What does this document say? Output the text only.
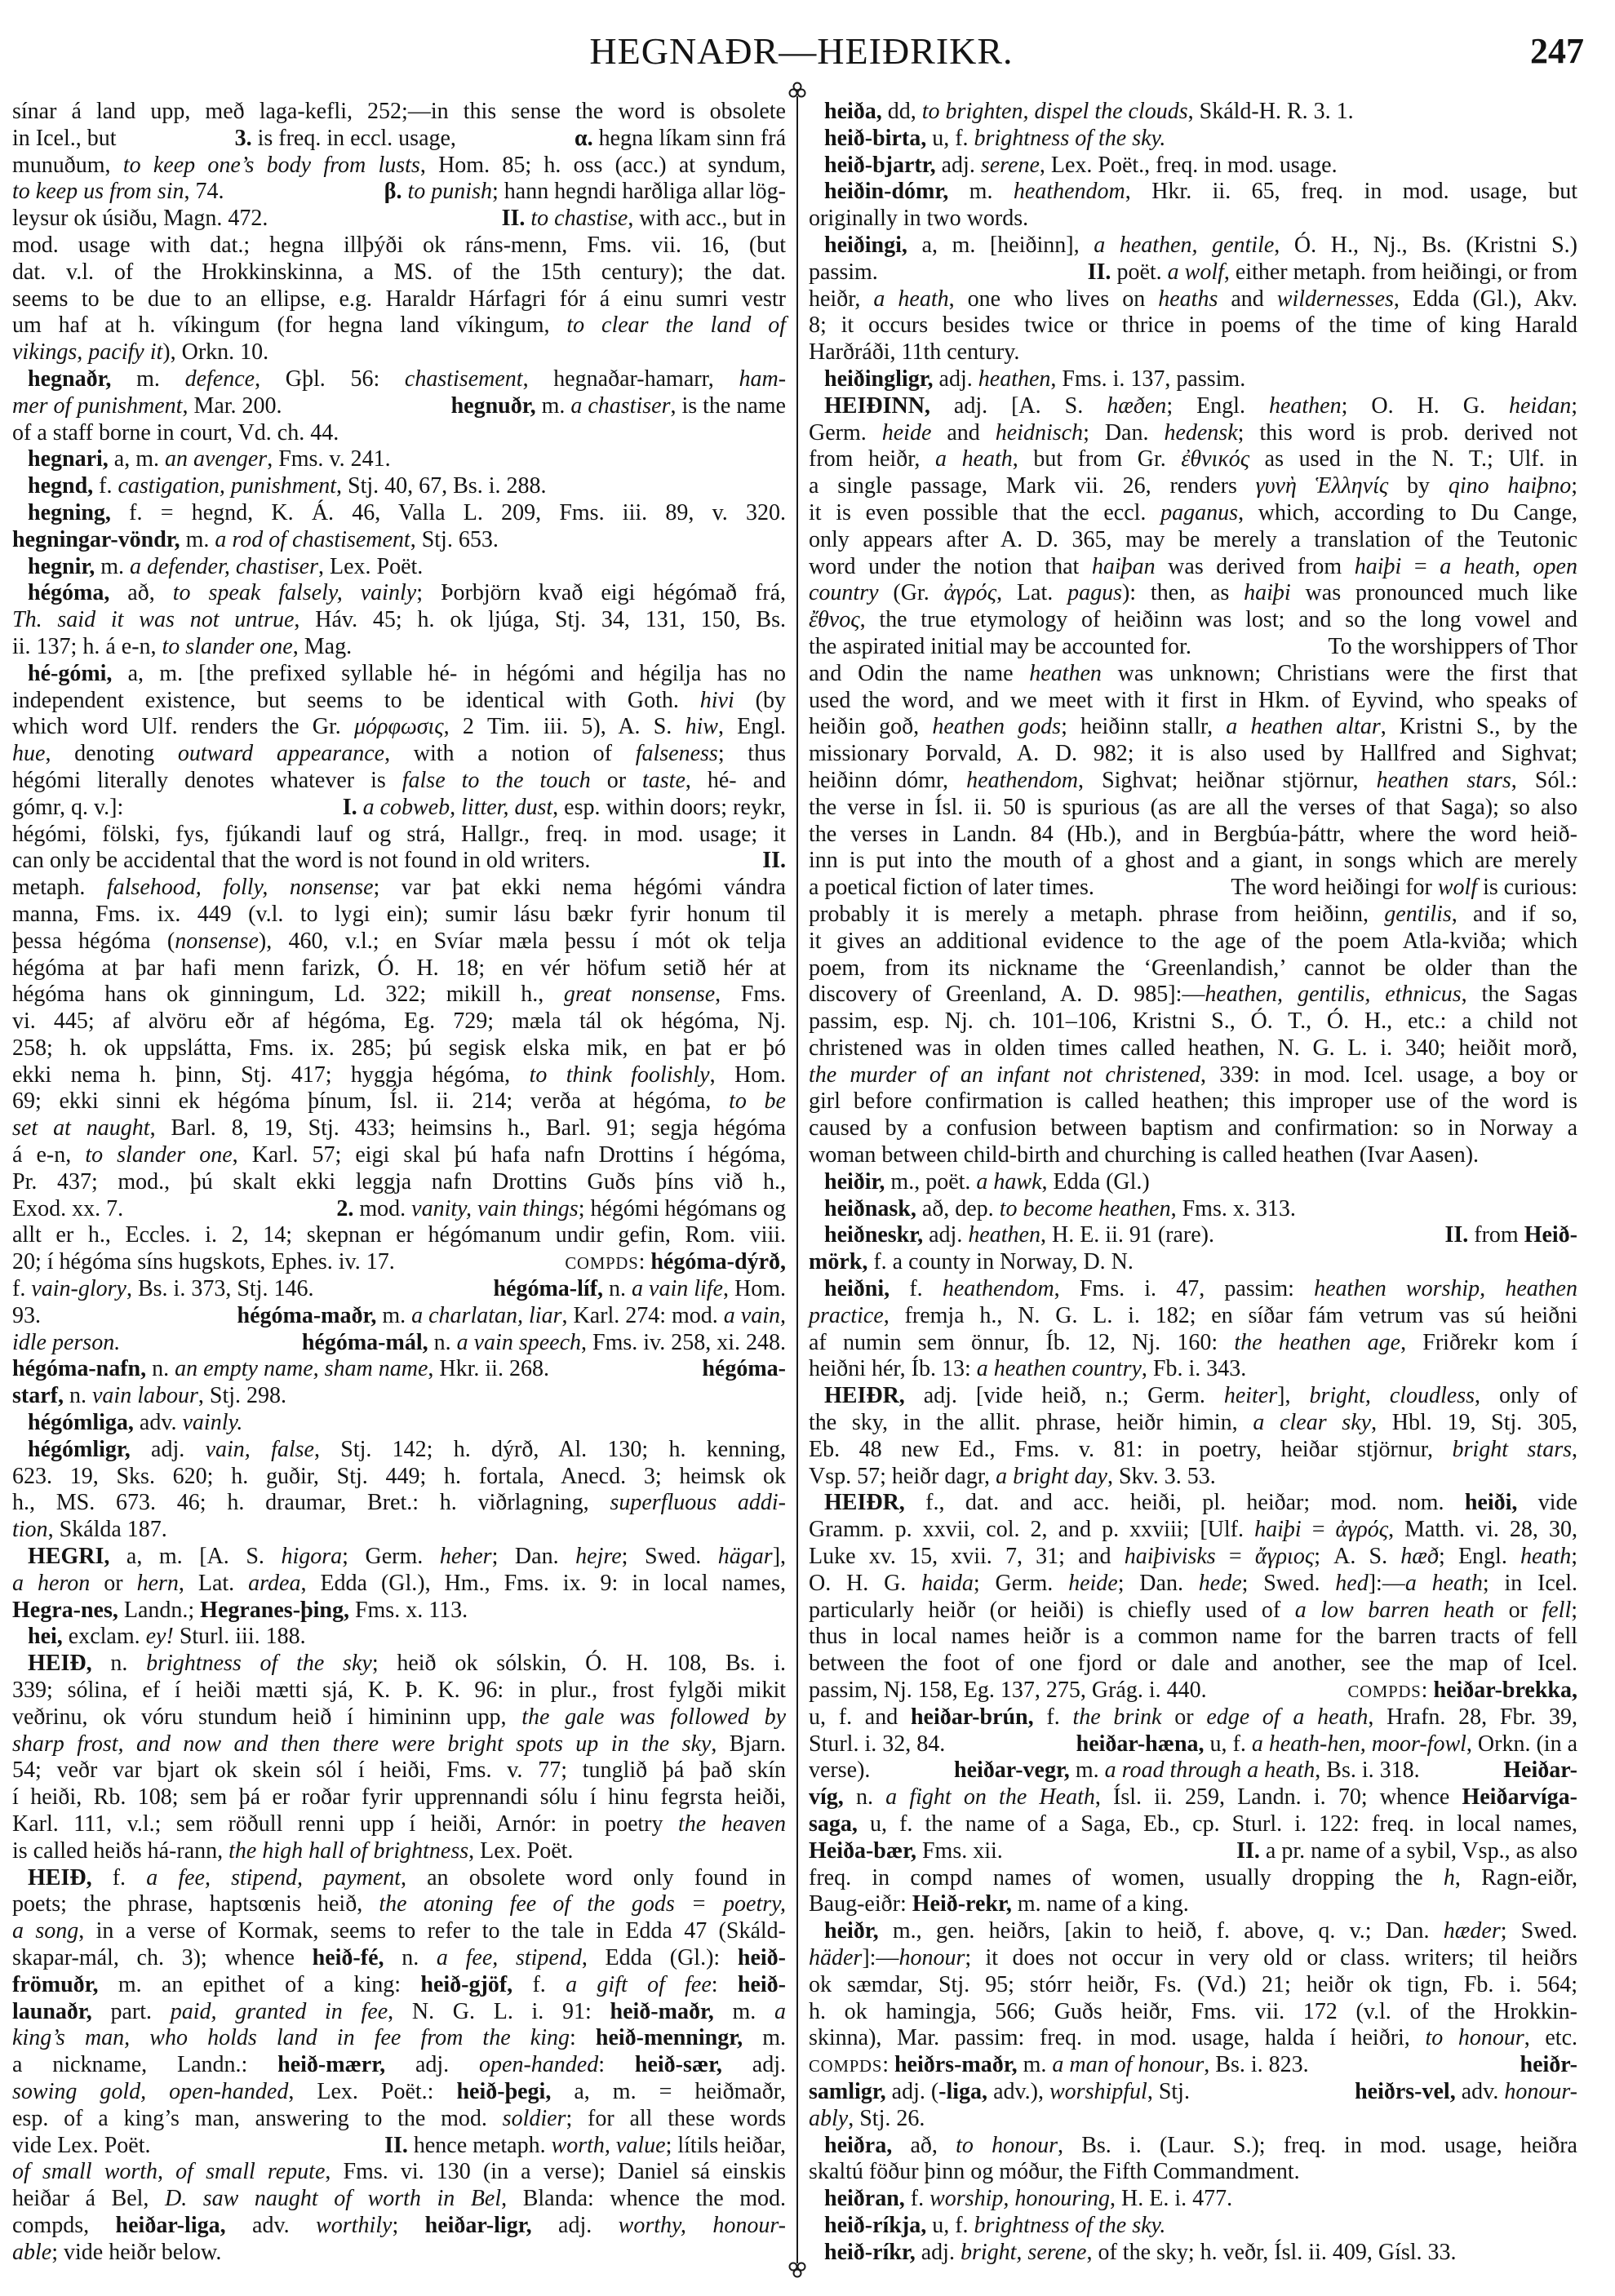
HEGNAÐR—HEIÐRIKR.	247
sínar á land upp, með laga-kefli, 252;—in this sense the word is obsolete
in Icel., but 	3. is freq. in eccl. usage, 	α. hegna líkam sinn frá
munuðum, to keep one’s body from lusts, Hom. 85; h. oss (acc.) at syndum,
to keep us from sin, 74. 	β. to punish; hann hegndi harðliga allar lög-
leysur ok úsiðu, Magn. 472. 	II. to chastise, with acc., but in
mod. usage with dat.; hegna illþýði ok ráns-menn, Fms. vii. 16, (but
dat. v.l. of the Hrokkinskinna, a MS. of the 15th century); the dat.
seems to be due to an ellipse, e.g. Haraldr Hárfagri fór á einu sumri vestr
um haf at h. víkingum (for hegna land víkingum, to clear the land of
vikings, pacify it), Orkn. 10.
hegnaðr, m. defence, Gþl. 56: chastisement, hegnaðar-hamarr, ham-
mer of punishment, Mar. 200. 	hegnuðr, m. a chastiser, is the name
of a staff borne in court, Vd. ch. 44.
hegnari, a, m. an avenger, Fms. v. 241.
hegnd, f. castigation, punishment, Stj. 40, 67, Bs. i. 288.
hegning, f. = hegnd, K. Á. 46, Valla L. 209, Fms. iii. 89, v. 320.
hegningar-vöndr, m. a rod of chastisement, Stj. 653.
hegnir, m. a defender, chastiser, Lex. Poët.
hégóma, að, to speak falsely, vainly; Þorbjörn kvað eigi hégómað frá,
Th. said it was not untrue, Háv. 45; h. ok ljúga, Stj. 34, 131, 150, Bs.
ii. 137; h. á e-n, to slander one, Mag.
hé-gómi, a, m. [the prefixed syllable hé- in hégómi and hégilja has no
independent existence, but seems to be identical with Goth. hivi (by
which word Ulf. renders the Gr. μόρφωσις, 2 Tim. iii. 5), A. S. hiw, Engl.
hue, denoting outward appearance, with a notion of falseness; thus
hégómi literally denotes whatever is false to the touch or taste, hé- and
gómr, q. v.]: 	I. a cobweb, litter, dust, esp. within doors; reykr,
hégómi, fölski, fys, fjúkandi lauf og strá, Hallgr., freq. in mod. usage; it
can only be accidental that the word is not found in old writers. 	II.
metaph. falsehood, folly, nonsense; var þat ekki nema hégómi vándra
manna, Fms. ix. 449 (v.l. to lygi ein); sumir lásu bækr fyrir honum til
þessa hégóma (nonsense), 460, v.l.; en Svíar mæla þessu í mót ok telja
hégóma at þar hafi menn farizk, Ó. H. 18; en vér höfum setið hér at
hégóma hans ok ginningum, Ld. 322; mikill h., great nonsense, Fms.
vi. 445; af alvöru eðr af hégóma, Eg. 729; mæla tál ok hégóma, Nj.
258; h. ok uppslátta, Fms. ix. 285; þú segisk elska mik, en þat er þó
ekki nema h. þinn, Stj. 417; hyggja hégóma, to think foolishly, Hom.
69; ekki sinni ek hégóma þínum, Ísl. ii. 214; verða at hégóma, to be
set at naught, Barl. 8, 19, Stj. 433; heimsins h., Barl. 91; segja hégóma
á e-n, to slander one, Karl. 57; eigi skal þú hafa nafn Drottins í hégóma,
Pr. 437; mod., þú skalt ekki leggja nafn Drottins Guðs þíns við h.,
Exod. xx. 7. 	2. mod. vanity, vain things; hégómi hégómans og
allt er h., Eccles. i. 2, 14; skepnan er hégómanum undir gefin, Rom. viii.
20; í hégóma síns hugskots, Ephes. iv. 17. 	COMPDS: hégóma-dýrð,
f. vain-glory, Bs. i. 373, Stj. 146. 	hégóma-líf, n. a vain life, Hom.
93. 	hégóma-maðr, m. a charlatan, liar, Karl. 274: mod. a vain,
idle person. 	hégóma-mál, n. a vain speech, Fms. iv. 258, xi. 248.
hégóma-nafn, n. an empty name, sham name, Hkr. ii. 268. 	hégóma-
starf, n. vain labour, Stj. 298.
hégómliga, adv. vainly.
hégómligr, adj. vain, false, Stj. 142; h. dýrð, Al. 130; h. kenning,
623. 19, Sks. 620; h. guðir, Stj. 449; h. fortala, Anecd. 3; heimsk ok
h., MS. 673. 46; h. draumar, Bret.: h. viðrlagning, superfluous addi-
tion, Skálda 187.
HEGRI, a, m. [A. S. higora; Germ. heher; Dan. hejre; Swed. hägar],
a heron or hern, Lat. ardea, Edda (Gl.), Hm., Fms. ix. 9: in local names,
Hegra-nes, Landn.; Hegranes-þing, Fms. x. 113.
hei, exclam. ey! Sturl. iii. 188.
HEIÐ, n. brightness of the sky; heið ok sólskin, Ó. H. 108, Bs. i.
339; sólina, ef í heiði mætti sjá, K. Þ. K. 96: in plur., frost fylgði mikit
veðrinu, ok vóru stundum heið í himininn upp, the gale was followed by
sharp frost, and now and then there were bright spots up in the sky, Bjarn.
54; veðr var bjart ok skein sól í heiði, Fms. v. 77; tunglið þá það skín
í heiði, Rb. 108; sem þá er roðar fyrir upprennandi sólu í hinu fegrsta heiði,
Karl. 111, v.l.; sem röðull renni upp í heiði, Arnór: in poetry the heaven
is called heiðs há-rann, the high hall of brightness, Lex. Poët.
HEIÐ, f. a fee, stipend, payment, an obsolete word only found in
poets; the phrase, haptsœnis heið, the atoning fee of the gods = poetry,
a song, in a verse of Kormak, seems to refer to the tale in Edda 47 (Skáld-
skapar-mál, ch. 3); whence heið-fé, n. a fee, stipend, Edda (Gl.): heið-
frömuðr, m. an epithet of a king: heið-gjöf, f. a gift of fee: heið-
launaðr, part. paid, granted in fee, N. G. L. i. 91: heið-maðr, m. a
king’s man, who holds land in fee from the king: heið-menningr, m.
a nickname, Landn.: heið-mærr, adj. open-handed: heið-sær, adj.
sowing gold, open-handed, Lex. Poët.: heið-þegi, a, m. = heiðmaðr,
esp. of a king’s man, answering to the mod. soldier; for all these words
vide Lex. Poët. 	II. hence metaph. worth, value; lítils heiðar,
of small worth, of small repute, Fms. vi. 130 (in a verse); Daniel sá einskis
heiðar á Bel, D. saw naught of worth in Bel, Blanda: whence the mod.
compds, heiðar-liga, adv. worthily; heiðar-ligr, adj. worthy, honour-
able; vide heiðr below.
heiða, dd, to brighten, dispel the clouds, Skáld-H. R. 3. 1.
heið-birta, u, f. brightness of the sky.
heið-bjartr, adj. serene, Lex. Poët., freq. in mod. usage.
heiðin-dómr, m. heathendom, Hkr. ii. 65, freq. in mod. usage, but
originally in two words.
heiðingi, a, m. [heiðinn], a heathen, gentile, Ó. H., Nj., Bs. (Kristni S.)
passim. 	II. poët. a wolf, either metaph. from heiðingi, or from
heiðr, a heath, one who lives on heaths and wildernesses, Edda (Gl.), Akv.
8; it occurs besides twice or thrice in poems of the time of king Harald
Harðráði, 11th century.
heiðingligr, adj. heathen, Fms. i. 137, passim.
HEIÐINN, adj. [A. S. hæðen; Engl. heathen; O. H. G. heidan;
Germ. heide and heidnisch; Dan. hedensk; this word is prob. derived not
from heiðr, a heath, but from Gr. ἐθνικός as used in the N. T.; Ulf. in
a single passage, Mark vii. 26, renders γυνὴ Ἑλληνίς by qino haiþno;
it is even possible that the eccl. paganus, which, according to Du Cange,
only appears after A. D. 365, may be merely a translation of the Teutonic
word under the notion that haiþan was derived from haiþi = a heath, open
country (Gr. ἀγρός, Lat. pagus): then, as haiþi was pronounced much like
ἔθνος, the true etymology of heiðinn was lost; and so the long vowel and
the aspirated initial may be accounted for. 	To the worshippers of Thor
and Odin the name heathen was unknown; Christians were the first that
used the word, and we meet with it first in Hkm. of Eyvind, who speaks of
heiðin goð, heathen gods; heiðinn stallr, a heathen altar, Kristni S., by the
missionary Þorvald, A. D. 982; it is also used by Hallfred and Sighvat;
heiðinn dómr, heathendom, Sighvat; heiðnar stjörnur, heathen stars, Sól.:
the verse in Ísl. ii. 50 is spurious (as are all the verses of that Saga); so also
the verses in Landn. 84 (Hb.), and in Bergbúa-þáttr, where the word heið-
inn is put into the mouth of a ghost and a giant, in songs which are merely
a poetical fiction of later times. 	The word heiðingi for wolf is curious:
probably it is merely a metaph. phrase from heiðinn, gentilis, and if so,
it gives an additional evidence to the age of the poem Atla-kviða; which
poem, from its nickname the ‘Greenlandish,’ cannot be older than the
discovery of Greenland, A. D. 985]:—heathen, gentilis, ethnicus, the Sagas
passim, esp. Nj. ch. 101–106, Kristni S., Ó. T., Ó. H., etc.: a child not
christened was in olden times called heathen, N. G. L. i. 340; heiðit morð,
the murder of an infant not christened, 339: in mod. Icel. usage, a boy or
girl before confirmation is called heathen; this improper use of the word is
caused by a confusion between baptism and confirmation: so in Norway a
woman between child-birth and churching is called heathen (Ivar Aasen).
heiðir, m., poët. a hawk, Edda (Gl.)
heiðnask, að, dep. to become heathen, Fms. x. 313.
heiðneskr, adj. heathen, H. E. ii. 91 (rare). 	II. from Heið-
mörk, f. a county in Norway, D. N.
heiðni, f. heathendom, Fms. i. 47, passim: heathen worship, heathen
practice, fremja h., N. G. L. i. 182; en síðar fám vetrum vas sú heiðni
af numin sem önnur, Íb. 12, Nj. 160: the heathen age, Friðrekr kom í
heiðni hér, Íb. 13: a heathen country, Fb. i. 343.
HEIÐR, adj. [vide heið, n.; Germ. heiter], bright, cloudless, only of
the sky, in the allit. phrase, heiðr himin, a clear sky, Hbl. 19, Stj. 305,
Eb. 48 new Ed., Fms. v. 81: in poetry, heiðar stjörnur, bright stars,
Vsp. 57; heiðr dagr, a bright day, Skv. 3. 53.
HEIÐR, f., dat. and acc. heiði, pl. heiðar; mod. nom. heiði, vide
Gramm. p. xxvii, col. 2, and p. xxviii; [Ulf. haiþi = ἀγρός, Matth. vi. 28, 30,
Luke xv. 15, xvii. 7, 31; and haiþivisks = ἄγριος; A. S. hæð; Engl. heath;
O. H. G. haida; Germ. heide; Dan. hede; Swed. hed]:—a heath; in Icel.
particularly heiðr (or heiði) is chiefly used of a low barren heath or fell;
thus in local names heiðr is a common name for the barren tracts of fell
between the foot of one fjord or dale and another, see the map of Icel.
passim, Nj. 158, Eg. 137, 275, Grág. i. 440. 	COMPDS: heiðar-brekka,
u, f. and heiðar-brún, f. the brink or edge of a heath, Hrafn. 28, Fbr. 39,
Sturl. i. 32, 84. 	heiðar-hæna, u, f. a heath-hen, moor-fowl, Orkn. (in a
verse). 	heiðar-vegr, m. a road through a heath, Bs. i. 318. 	Heiðar-
víg, n. a fight on the Heath, Ísl. ii. 259, Landn. i. 70; whence Heiðarvíga-
saga, u, f. the name of a Saga, Eb., cp. Sturl. i. 122: freq. in local names,
Heiða-bær, Fms. xii. 	II. a pr. name of a sybil, Vsp., as also
freq. in compd names of women, usually dropping the h, Ragn-eiðr,
Baug-eiðr: Heið-rekr, m. name of a king.
heiðr, m., gen. heiðrs, [akin to heið, f. above, q. v.; Dan. hæder; Swed.
häder]:—honour; it does not occur in very old or class. writers; til heiðrs
ok sæmdar, Stj. 95; stórr heiðr, Fs. (Vd.) 21; heiðr ok tign, Fb. i. 564;
h. ok hamingja, 566; Guðs heiðr, Fms. vii. 172 (v.l. of the Hrokkin-
skinna), Mar. passim: freq. in mod. usage, halda í heiðri, to honour, etc.
COMPDS: heiðrs-maðr, m. a man of honour, Bs. i. 823. 	heiðr-
samligr, adj. (-liga, adv.), worshipful, Stj. 	heiðrs-vel, adv. honour-
ably, Stj. 26.
heiðra, að, to honour, Bs. i. (Laur. S.); freq. in mod. usage, heiðra
skaltú föður þinn og móður, the Fifth Commandment.
heiðran, f. worship, honouring, H. E. i. 477.
heið-ríkja, u, f. brightness of the sky.
heið-ríkr, adj. bright, serene, of the sky; h. veðr, Ísl. ii. 409, Gísl. 33.
